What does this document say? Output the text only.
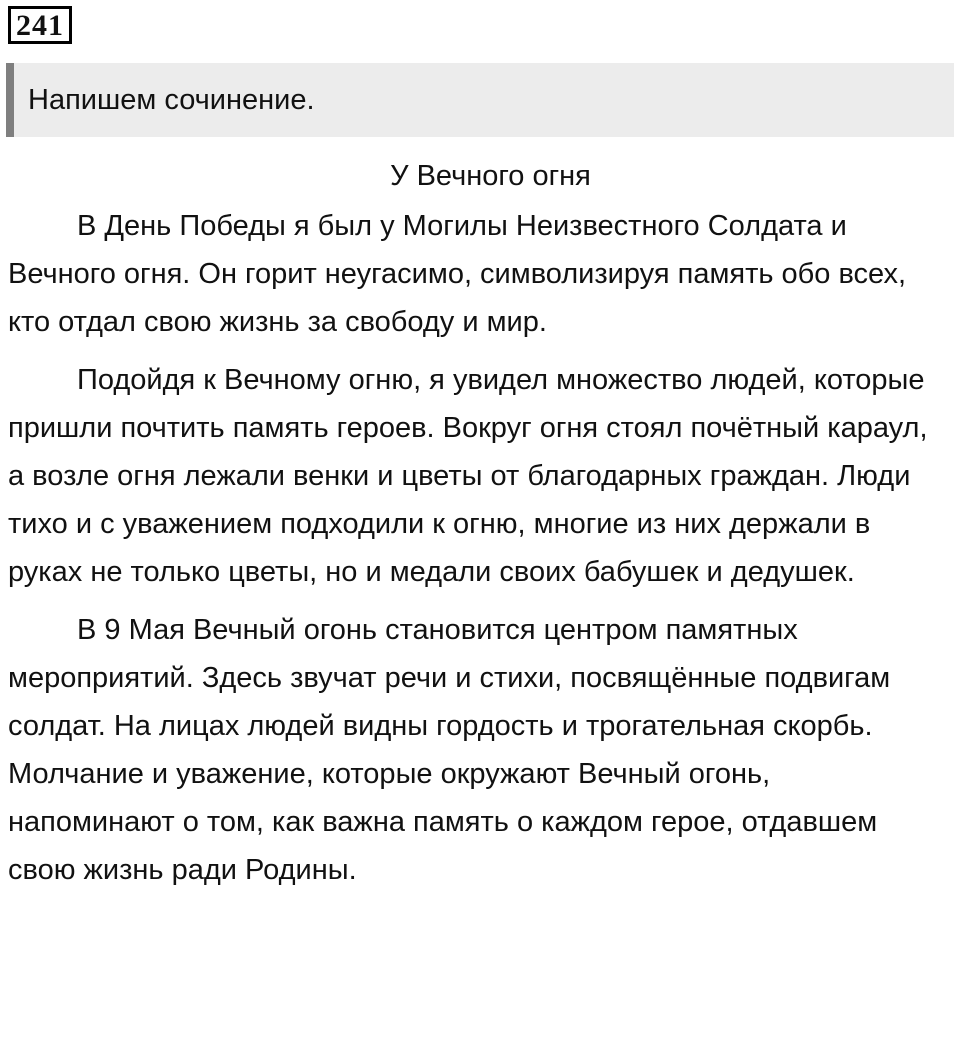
241
Напишем сочинение.
У Вечного огня

В День Победы я был у Могилы Неизвестного Солдата и Вечного огня. Он горит неугасимо, символизируя память обо всех, кто отдал свою жизнь за свободу и мир.

Подойдя к Вечному огню, я увидел множество людей, которые пришли почтить память героев. Вокруг огня стоял почётный караул, а возле огня лежали венки и цветы от благодарных граждан. Люди тихо и с уважением подходили к огню, многие из них держали в руках не только цветы, но и медали своих бабушек и дедушек.

В 9 Мая Вечный огонь становится центром памятных мероприятий. Здесь звучат речи и стихи, посвящённые подвигам солдат. На лицах людей видны гордость и трогательная скорбь. Молчание и уважение, которые окружают Вечный огонь, напоминают о том, как важна память о каждом герое, отдавшем свою жизнь ради Родины.
